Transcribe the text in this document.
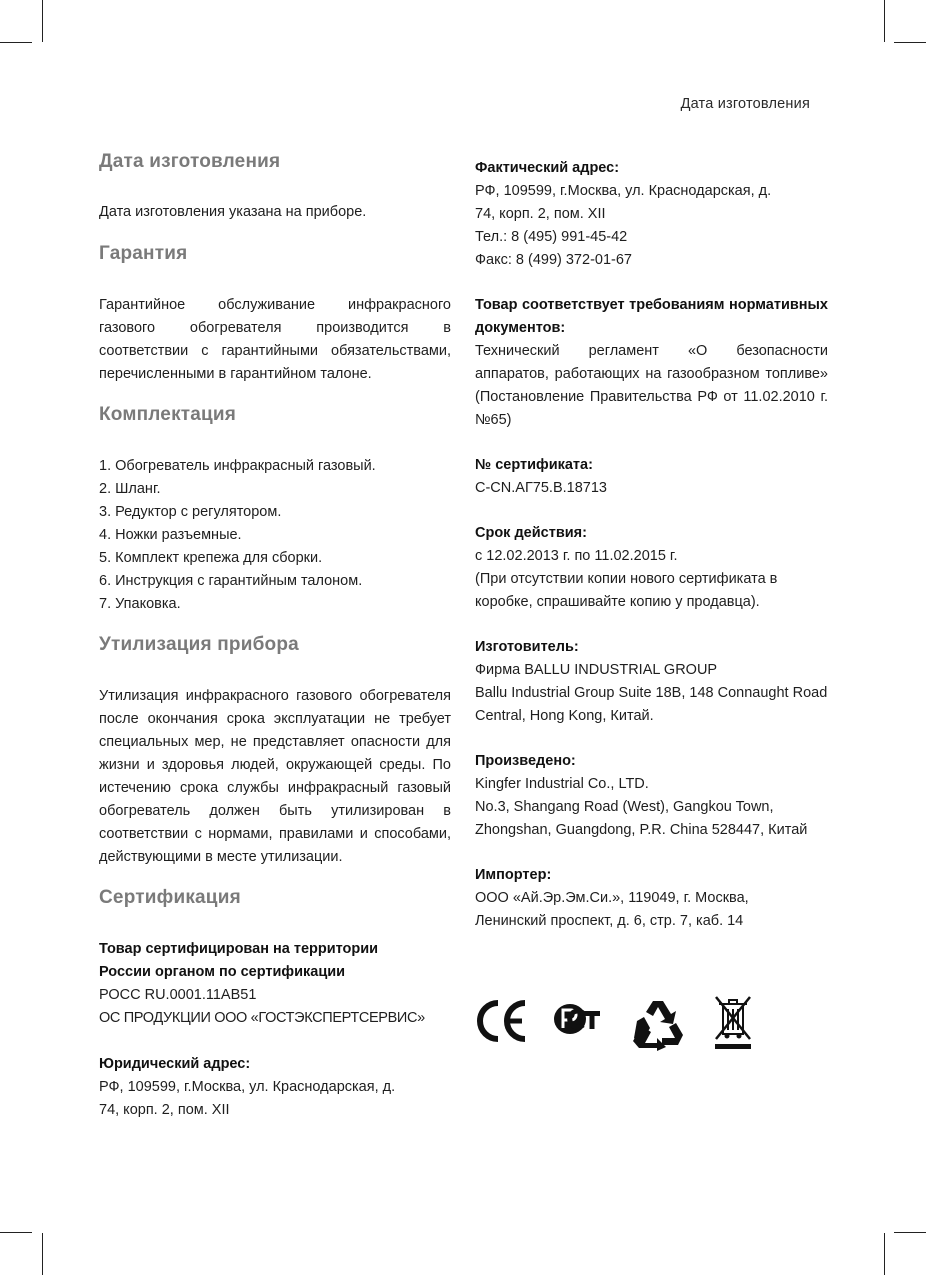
Дата изготовления
Дата изготовления

Дата изготовления указана на приборе.

Гарантия

Гарантийное обслуживание инфракрасного газового обогревателя производится в соответствии с гарантийными обязательствами, перечисленными в гарантийном талоне.

Комплектация
1. Обогреватель инфракрасный газовый.
2. Шланг.
3. Редуктор с регулятором.
4. Ножки разъемные.
5. Комплект крепежа для сборки.
6. Инструкция с гарантийным талоном.
7. Упаковка.
Утилизация прибора

Утилизация инфракрасного газового обогревателя после окончания срока эксплуатации не требует специальных мер, не представляет опасности для жизни и здоровья людей, окружающей среды. По истечению срока службы инфракрасный газовый обогреватель должен быть утилизирован в соответствии с нормами, правилами и способами, действующими в месте утилизации.

Сертификация

Товар сертифицирован на территории

России органом по сертификации

РОСС RU.0001.11АВ51

ОС ПРОДУКЦИИ ООО «ГОСТЭКСПЕРТСЕРВИС»

Юридический адрес:

РФ, 109599, г.Москва, ул. Краснодарская, д.

74, корп. 2, пом. XII

Фактический адрес:

РФ, 109599, г.Москва, ул. Краснодарская, д.

74, корп. 2, пом. XII

Тел.: 8 (495) 991-45-42

Факс: 8 (499) 372-01-67

Товар соответствует требованиям нормативных документов:

Технический регламент «О безопасности аппаратов, работающих на газообразном топливе» (Постановление Правительства РФ от 11.02.2010 г. №65)

№ сертификата:

С-CN.АГ75.В.18713

Срок действия:

с 12.02.2013 г. по 11.02.2015 г.

(При отсутствии копии нового сертификата в коробке, спрашивайте копию у продавца).

Изготовитель:

Фирма BALLU INDUSTRIAL GROUP

Ballu Industrial Group Suite 18B, 148 Connaught Road Central, Hong Kong, Китай.

Произведено:

Kingfer Industrial Co., LTD.

No.3, Shangang Road (West), Gangkou Town, Zhongshan, Guangdong, P.R. China 528447, Китай

Импортер:

ООО «Ай.Эр.Эм.Си.», 119049, г. Москва,

Ленинский проспект, д. 6, стр. 7, каб. 14
